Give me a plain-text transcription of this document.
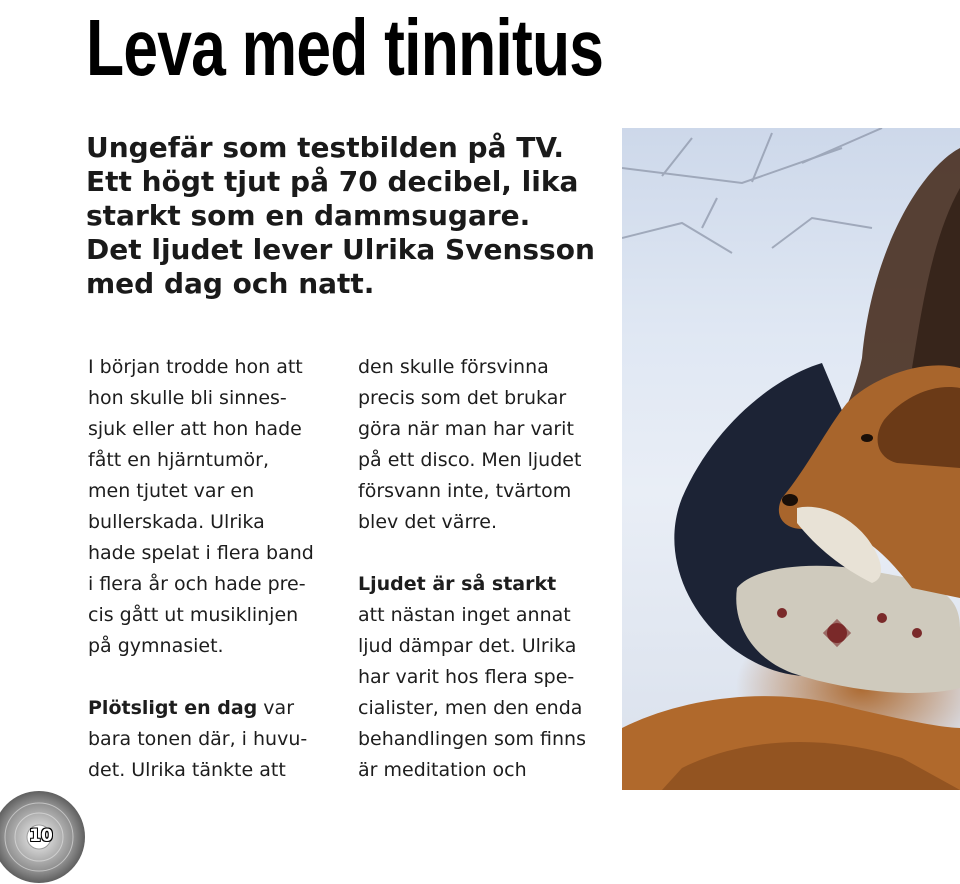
Leva med tinnitus
Ungefär som testbilden på TV.
Ett högt tjut på 70 decibel, lika
starkt som en dammsugare.
Det ljudet lever Ulrika Svensson
med dag och natt.
I början trodde hon att
hon skulle bli sinnes-
sjuk eller att hon hade
fått en hjärntumör,
men tjutet var en
bullerskada. Ulrika
hade spelat i flera band
i flera år och hade pre-
cis gått ut musiklinjen
på gymnasiet.
Plötsligt en dag var
bara tonen där, i huvu-
det. Ulrika tänkte att
den skulle försvinna
precis som det brukar
göra när man har varit
på ett disco. Men ljudet
försvann inte, tvärtom
blev det värre.
Ljudet är så starkt
att nästan inget annat
ljud dämpar det. Ulrika
har varit hos flera spe-
cialister, men den enda
behandlingen som finns
är meditation och
10
